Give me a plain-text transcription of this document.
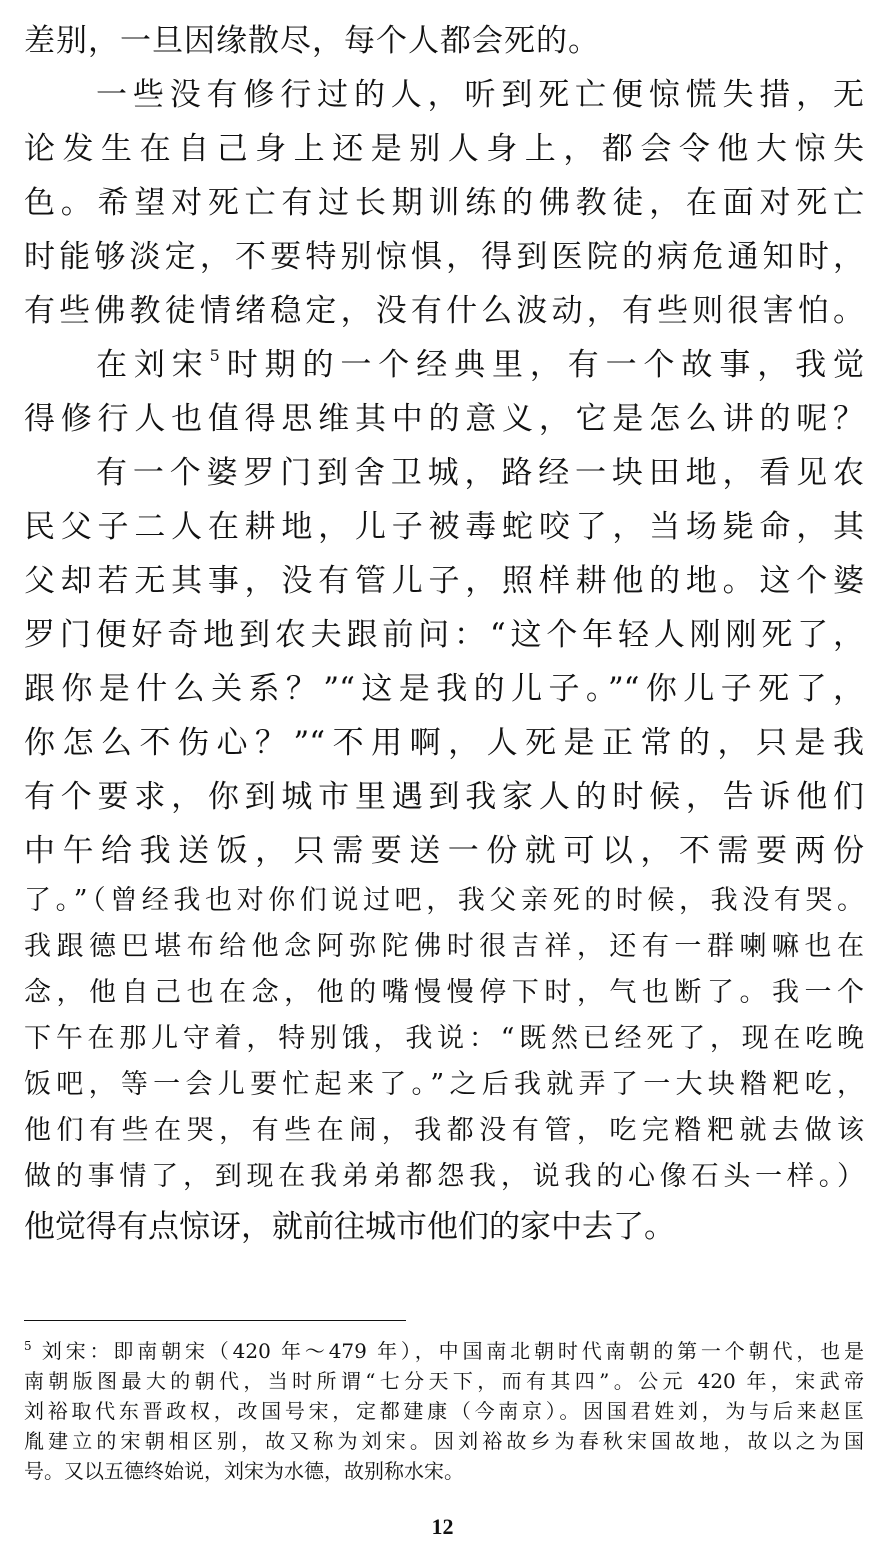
差别，一旦因缘散尽，每个人都会死的。
一些没有修行过的人，听到死亡便惊慌失措，无
论发生在自己身上还是别人身上，都会令他大惊失
色。希望对死亡有过长期训练的佛教徒，在面对死亡
时能够淡定，不要特别惊惧，得到医院的病危通知时，
有些佛教徒情绪稳定，没有什么波动，有些则很害怕。
在刘宋$^5$时期的一个经典里，有一个故事，我觉
得修行人也值得思维其中的意义，它是怎么讲的呢？
有一个婆罗门到舍卫城，路经一块田地，看见农
民父子二人在耕地，儿子被毒蛇咬了，当场毙命，其
父却若无其事，没有管儿子，照样耕他的地。这个婆
罗门便好奇地到农夫跟前问：“这个年轻人刚刚死了，
跟你是什么关系？”“这是我的儿子。”“你儿子死了，
你怎么不伤心？”“不用啊，人死是正常的，只是我
有个要求，你到城市里遇到我家人的时候，告诉他们
中午给我送饭，只需要送一份就可以，不需要两份
了。”（曾经我也对你们说过吧，我父亲死的时候，我没有哭。
我跟德巴堪布给他念阿弥陀佛时很吉祥，还有一群喇嘛也在
念，他自己也在念，他的嘴慢慢停下时，气也断了。我一个
下午在那儿守着，特别饿，我说：“既然已经死了，现在吃晚
饭吧，等一会儿要忙起来了。”之后我就弄了一大块糌粑吃，
他们有些在哭，有些在闹，我都没有管，吃完糌粑就去做该
做的事情了，到现在我弟弟都怨我，说我的心像石头一样。）
他觉得有点惊讶，就前往城市他们的家中去了。
$^5$ 刘宋：即南朝宋（420 年～479 年），中国南北朝时代南朝的第一个朝代，也是
南朝版图最大的朝代，当时所谓“七分天下，而有其四”。公元 420 年，宋武帝
刘裕取代东晋政权，改国号宋，定都建康（今南京）。因国君姓刘，为与后来赵匡
胤建立的宋朝相区别，故又称为刘宋。因刘裕故乡为春秋宋国故地，故以之为国
号。又以五德终始说，刘宋为水德，故别称水宋。
12
